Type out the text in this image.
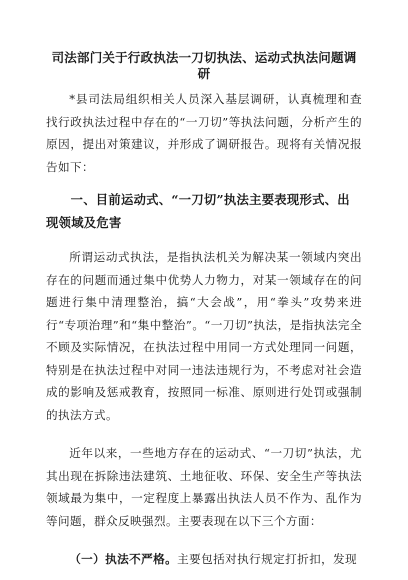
司法部门关于行政执法一刀切执法、运动式执法问题调研

*县司法局组织相关人员深入基层调研，认真梳理和查找行政执法过程中存在的“一刀切”等执法问题，分析产生的原因，提出对策建议，并形成了调研报告。现将有关情况报告如下：

一、目前运动式、“一刀切”执法主要表现形式、出现领域及危害

所谓运动式执法，是指执法机关为解决某一领域内突出存在的问题而通过集中优势人力物力，对某一领域存在的问题进行集中清理整治，搞“大会战”，用“拳头”攻势来进行“专项治理”和“集中整治”。“一刀切”执法，是指执法完全不顾及实际情况，在执法过程中用同一方式处理同一问题，特别是在执法过程中对同一违法违规行为，不考虑对社会造成的影响及惩戒教育，按照同一标准、原则进行处罚或强制的执法方式。

近年以来，一些地方存在的运动式、“一刀切”执法，尤其出现在拆除违法建筑、土地征收、环保、安全生产等执法领域最为集中，一定程度上暴露出执法人员不作为、乱作为等问题，群众反映强烈。主要表现在以下三个方面：

（一）执法不严格。主要包括对执行规定打折扣，发现
